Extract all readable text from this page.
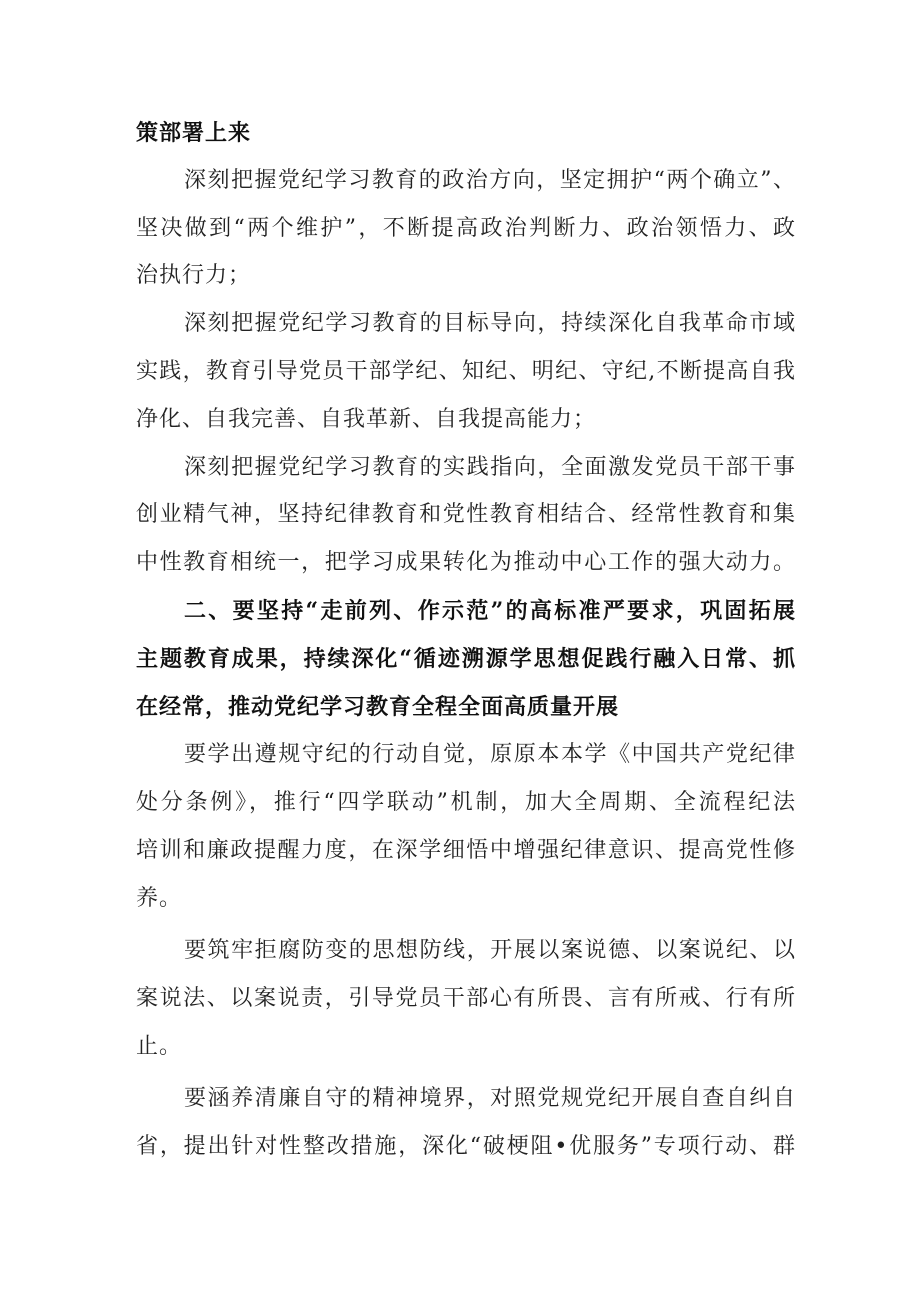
策部署上来
深刻把握党纪学习教育的政治方向，坚定拥护“两个确立”、
坚决做到“两个维护”，不断提高政治判断力、政治领悟力、政
治执行力；
深刻把握党纪学习教育的目标导向，持续深化自我革命市域
实践，教育引导党员干部学纪、知纪、明纪、守纪,不断提高自我
净化、自我完善、自我革新、自我提高能力；
深刻把握党纪学习教育的实践指向，全面激发党员干部干事
创业精气神，坚持纪律教育和党性教育相结合、经常性教育和集
中性教育相统一，把学习成果转化为推动中心工作的强大动力。
二、要坚持“走前列、作示范”的高标准严要求，巩固拓展
主题教育成果，持续深化“循迹溯源学思想促践行融入日常、抓
在经常，推动党纪学习教育全程全面高质量开展
要学出遵规守纪的行动自觉，原原本本学《中国共产党纪律
处分条例》，推行“四学联动”机制，加大全周期、全流程纪法
培训和廉政提醒力度，在深学细悟中增强纪律意识、提高党性修
养。
要筑牢拒腐防变的思想防线，开展以案说德、以案说纪、以
案说法、以案说责，引导党员干部心有所畏、言有所戒、行有所
止。
要涵养清廉自守的精神境界，对照党规党纪开展自查自纠自
省，提出针对性整改措施，深化“破梗阻•优服务”专项行动、群
